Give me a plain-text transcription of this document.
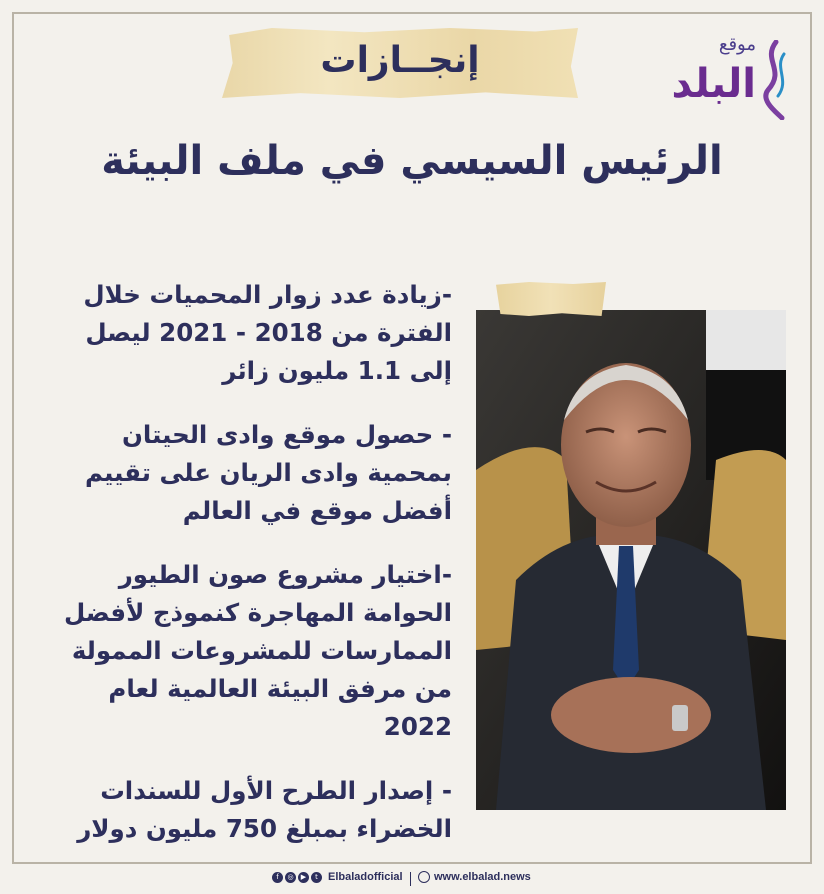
إنجــازات	موقع
البلد
الرئيس السيسي في ملف البيئة

-زيادة عدد زوار المحميات خلال الفترة من 2018 - 2021 ليصل إلى 1.1 مليون زائر

- حصول موقع وادى الحيتان بمحمية وادى الريان على تقييم أفضل موقع في العالم

-اختيار مشروع صون الطيور الحوامة المهاجرة كنموذج لأفضل الممارسات للمشروعات الممولة من مرفق البيئة العالمية لعام 2022

- إصدار الطرح الأول للسندات الخضراء بمبلغ 750 مليون دولار

f	◎	▶	t Elbaladofficial	www.elbalad.news
